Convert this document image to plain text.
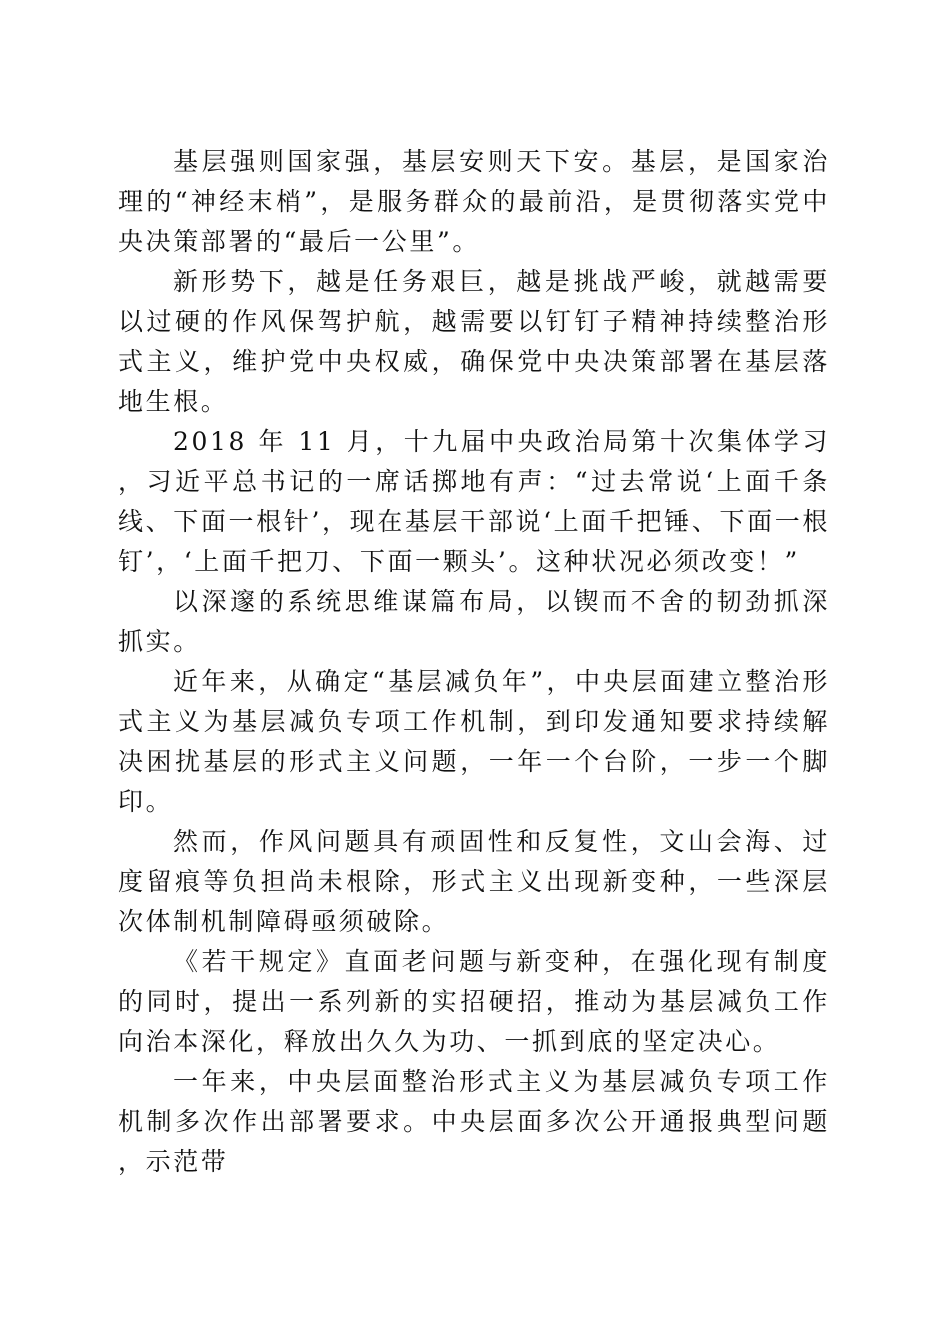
基层强则国家强，基层安则天下安。基层，是国家治理的“神经末梢”，是服务群众的最前沿，是贯彻落实党中央决策部署的“最后一公里”。

新形势下，越是任务艰巨，越是挑战严峻，就越需要以过硬的作风保驾护航，越需要以钉钉子精神持续整治形式主义，维护党中央权威，确保党中央决策部署在基层落地生根。

2018 年 11 月，十九届中央政治局第十次集体学习，习近平总书记的一席话掷地有声：“过去常说‘上面千条线、下面一根针’，现在基层干部说‘上面千把锤、下面一根钉’，‘上面千把刀、下面一颗头’。这种状况必须改变！”

以深邃的系统思维谋篇布局，以锲而不舍的韧劲抓深抓实。

近年来，从确定“基层减负年”，中央层面建立整治形式主义为基层减负专项工作机制，到印发通知要求持续解决困扰基层的形式主义问题，一年一个台阶，一步一个脚印。

然而，作风问题具有顽固性和反复性，文山会海、过度留痕等负担尚未根除，形式主义出现新变种，一些深层次体制机制障碍亟须破除。

《若干规定》直面老问题与新变种，在强化现有制度的同时，提出一系列新的实招硬招，推动为基层减负工作向治本深化，释放出久久为功、一抓到底的坚定决心。

一年来，中央层面整治形式主义为基层减负专项工作机制多次作出部署要求。中央层面多次公开通报典型问题，示范带
